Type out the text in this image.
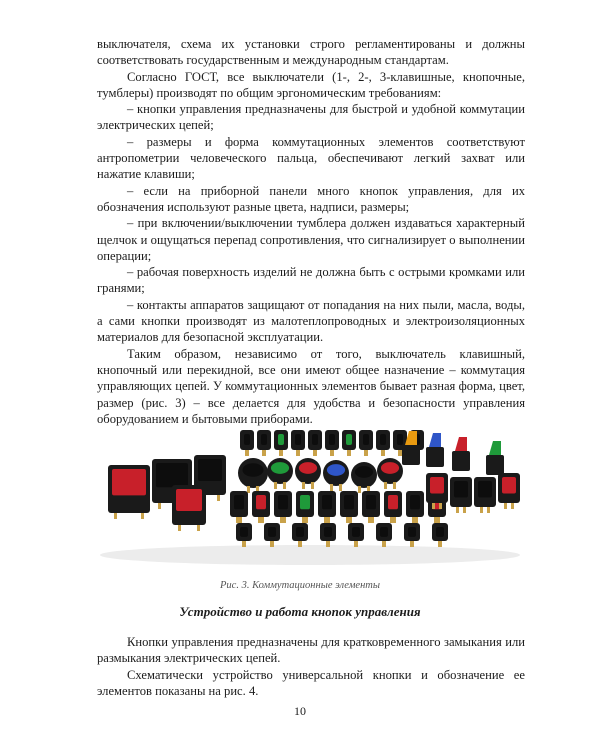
выключателя, схема их установки строго регламентированы и должны соответствовать государственным и международным стандартам.

Согласно ГОСТ, все выключатели (1-, 2-, 3-клавишные, кнопочные, тумблеры) производят по общим эргономическим требованиям:

– кнопки управления предназначены для быстрой и удобной коммутации электрических цепей;

– размеры и форма коммутационных элементов соответствуют антропометрии человеческого пальца, обеспечивают легкий захват или нажатие клавиши;

– если на приборной панели много кнопок управления, для их обозначения используют разные цвета, надписи, размеры;

– при включении/выключении тумблера должен издаваться характерный щелчок и ощущаться перепад сопротивления, что сигнализирует о выполнении операции;

– рабочая поверхность изделий не должна быть с острыми кромками или гранями;

– контакты аппаратов защищают от попадания на них пыли, масла, воды, а сами кнопки производят из малотеплопроводных и электроизоляционных материалов для безопасной эксплуатации.

Таким образом, независимо от того, выключатель клавишный, кнопочный или перекидной, все они имеют общее назначение – коммутация управляющих цепей. У коммутационных элементов бывает разная форма, цвет, размер (рис. 3) – все делается для удобства и безопасности управления оборудованием и бытовыми приборами.

Рис. 3. Коммутационные элементы
Устройство и работа кнопок управления

Кнопки управления предназначены для кратковременного замыкания или размыкания электрических цепей.

Схематически устройство универсальной кнопки и обозначение ее элементов показаны на рис. 4.

10
